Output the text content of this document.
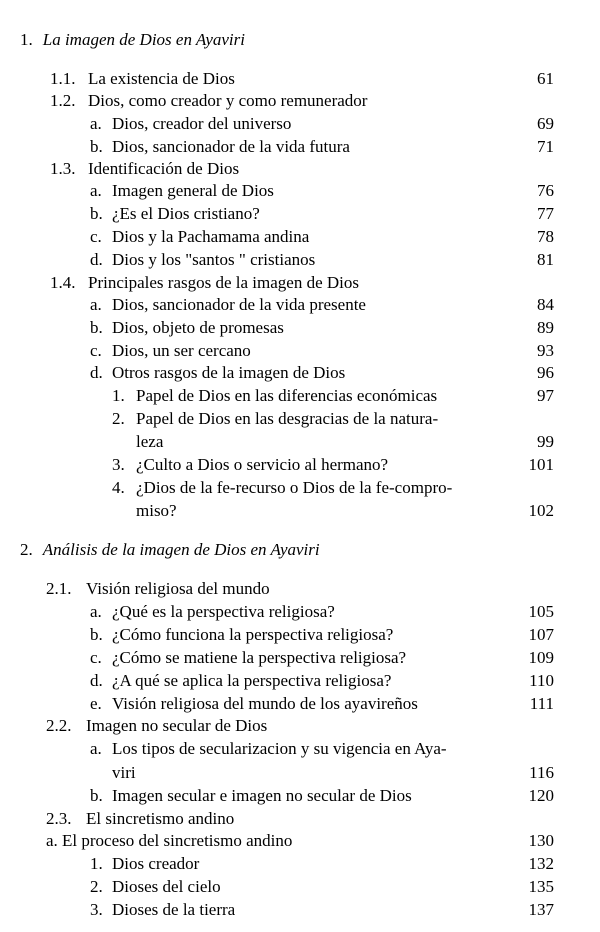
1. La imagen de Dios en Ayaviri
1.1. La existencia de Dios	61
1.2. Dios, como creador y como remunerador
a. Dios, creador del universo	69
b. Dios, sancionador de la vida futura	71
1.3. Identificación de Dios
a. Imagen general de Dios	76
b. ¿Es el Dios cristiano?	77
c. Dios y la Pachamama andina	78
d. Dios y los "santos " cristianos	81
1.4. Principales rasgos de la imagen de Dios
a. Dios, sancionador de la vida presente	84
b. Dios, objeto de promesas	89
c. Dios, un ser cercano	93
d. Otros rasgos de la imagen de Dios	96
1. Papel de Dios en las diferencias económicas	97
2. Papel de Dios en las desgracias de la natura-
leza	99
3. ¿Culto a Dios o servicio al hermano?	101
4. ¿Dios de la fe-recurso o Dios de la fe-compro-
miso?	102
2. Análisis de la imagen de Dios en Ayaviri
2.1. Visión religiosa del mundo
a. ¿Qué es la perspectiva religiosa?	105
b. ¿Cómo funciona la perspectiva religiosa?	107
c. ¿Cómo se matiene la perspectiva religiosa?	109
d. ¿A qué se aplica la perspectiva religiosa?	110
e. Visión religiosa del mundo de los ayavireños	111
2.2. Imagen no secular de Dios
a. Los tipos de secularizacion y su vigencia en Aya-
viri	116
b. Imagen secular e imagen no secular de Dios	120
2.3. El sincretismo andino
a. El proceso del sincretismo andino	130
1. Dios creador	132
2. Dioses del cielo	135
3. Dioses de la tierra	137
